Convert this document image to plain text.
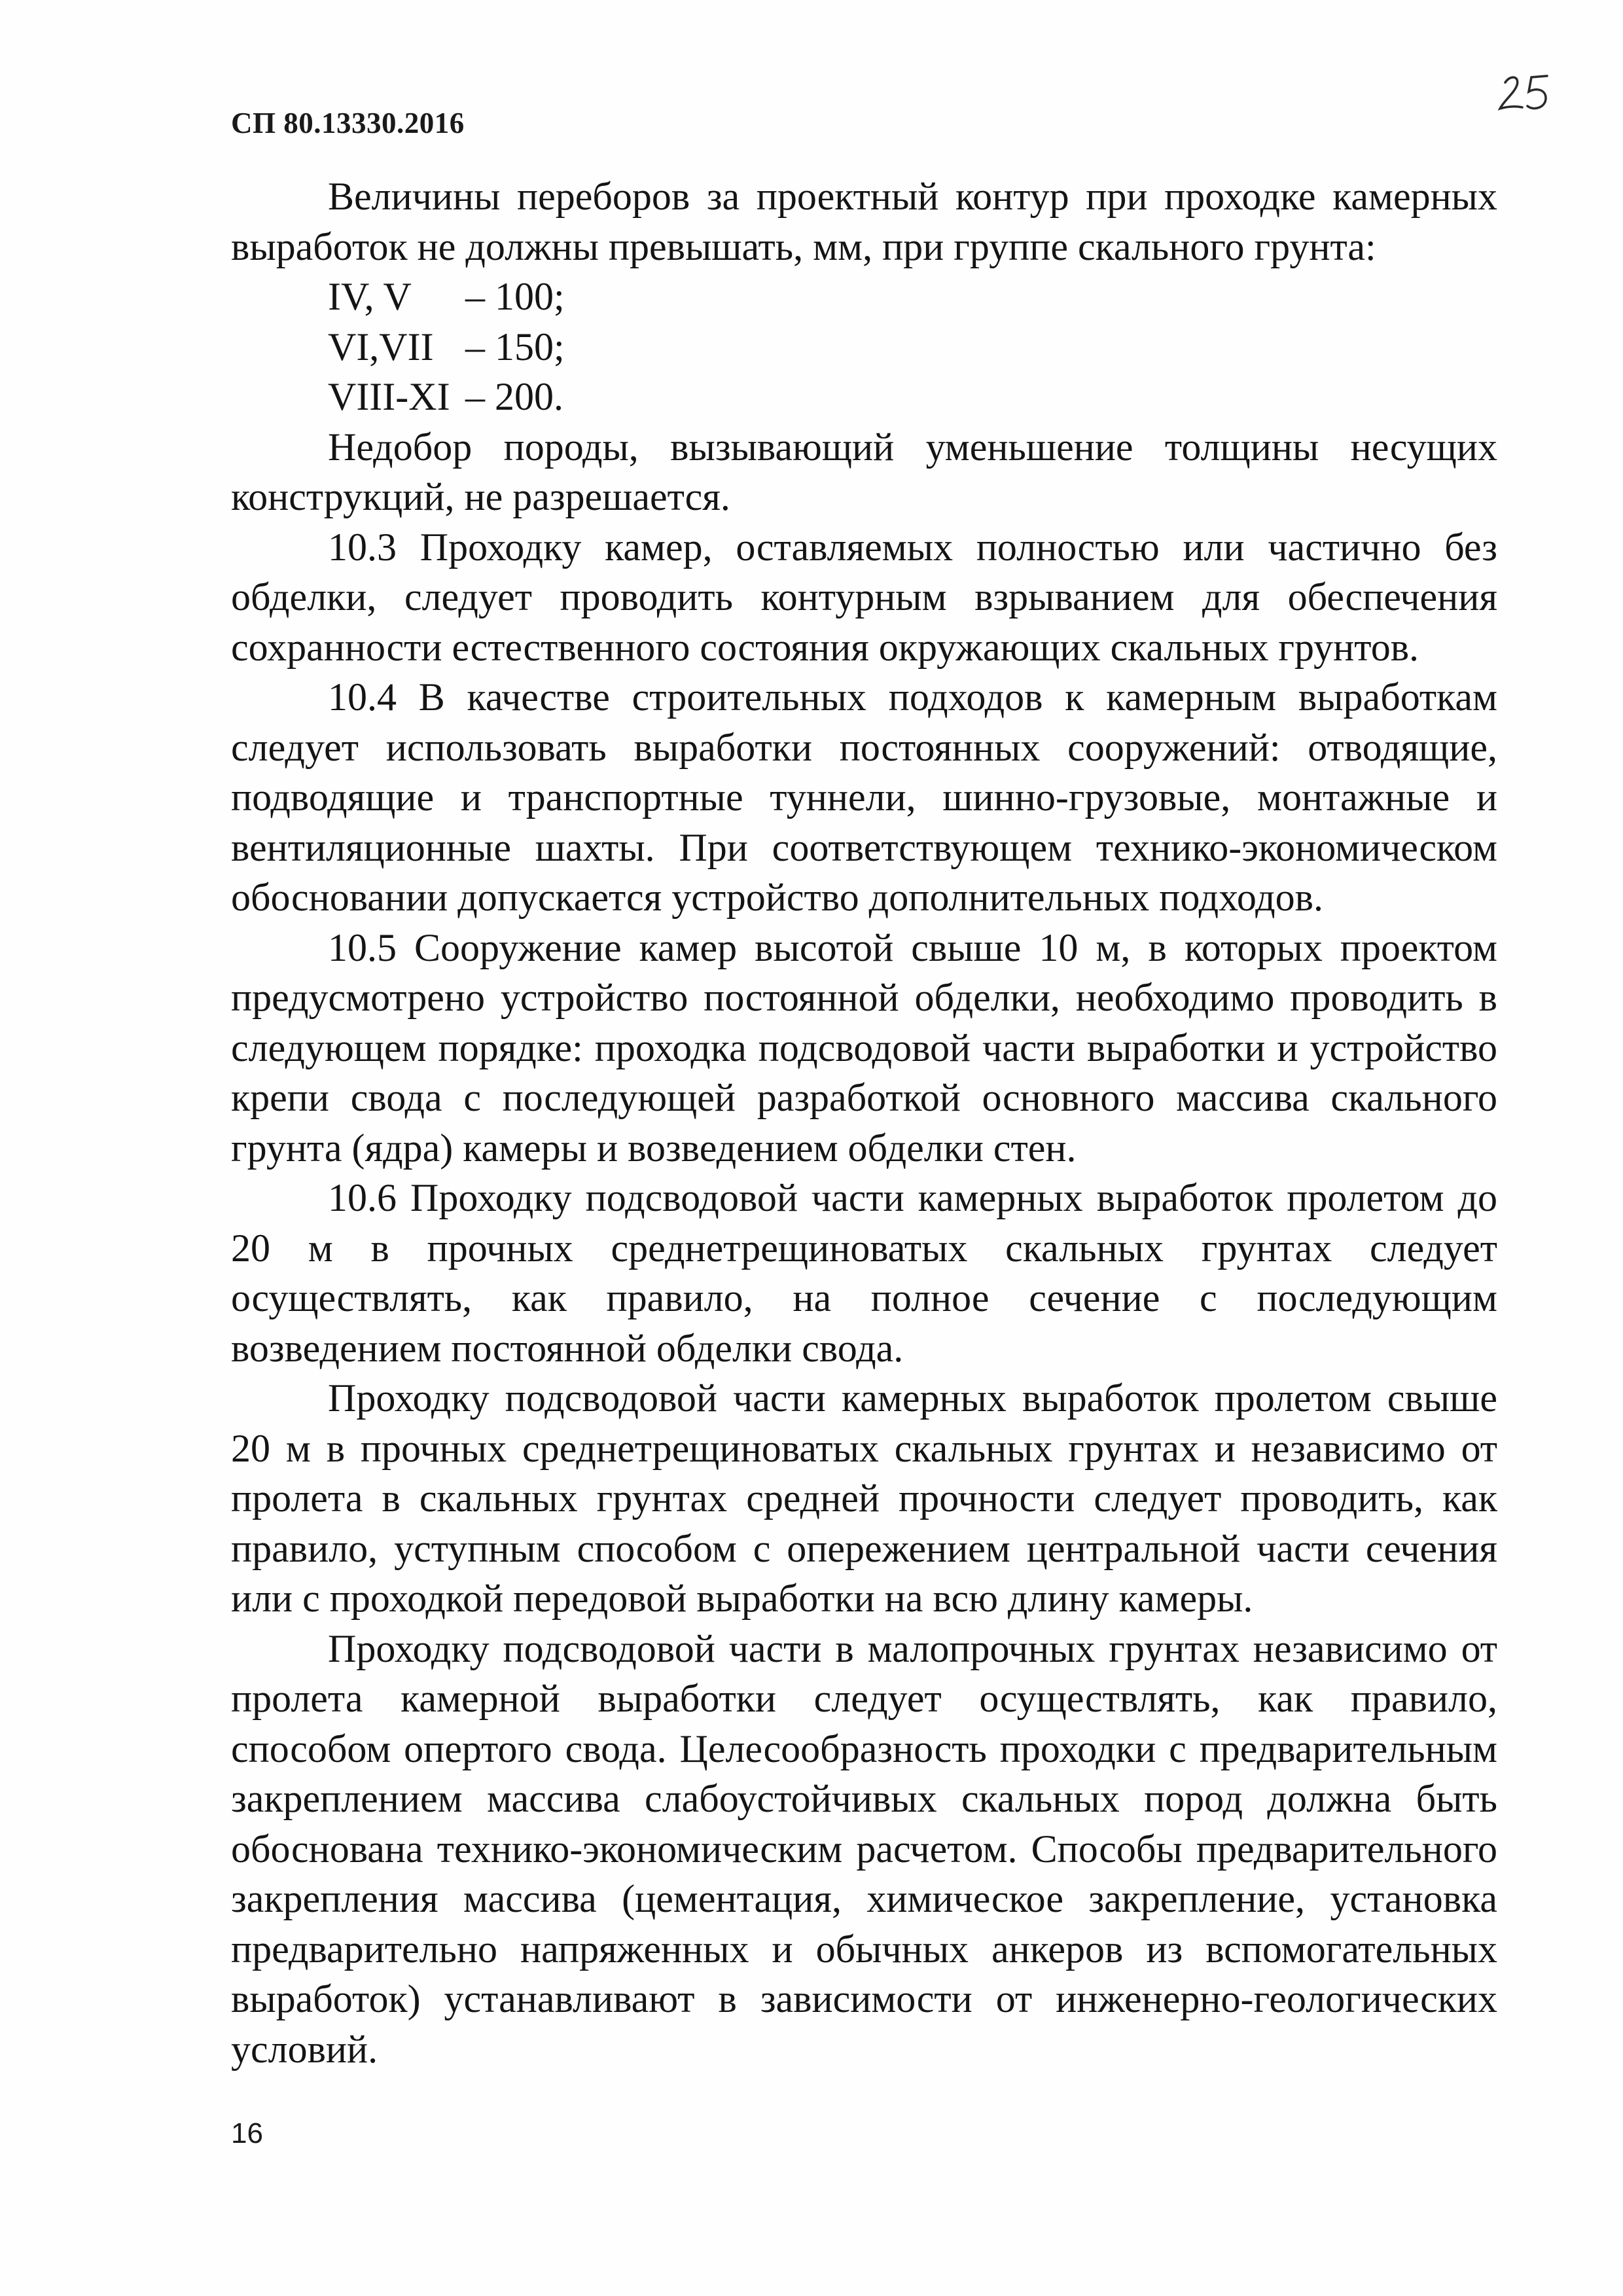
СП 80.13330.2016

Величины переборов за проектный контур при проходке камерных выработок не должны превышать, мм, при группе скального грунта:

IV, V	– 100;
VI,VII – 150;
VIII-XI – 200.

Недобор породы, вызывающий уменьшение толщины несущих конструкций, не разрешается.

10.3 Проходку камер, оставляемых полностью или частично без обделки, следует проводить контурным взрыванием для обеспечения сохранности естественного состояния окружающих скальных грунтов.

10.4 В качестве строительных подходов к камерным выработкам следует использовать выработки постоянных сооружений: отводящие, подводящие и транспортные туннели, шинно-грузовые, монтажные и вентиляционные шахты. При соответствующем технико-экономическом обосновании допускается устройство дополнительных подходов.

10.5 Сооружение камер высотой свыше 10 м, в которых проектом предусмотрено устройство постоянной обделки, необходимо проводить в следующем порядке: проходка подсводовой части выработки и устройство крепи свода с последующей разработкой основного массива скального грунта (ядра) камеры и возведением обделки стен.

10.6 Проходку подсводовой части камерных выработок пролетом до 20 м в прочных среднетрещиноватых скальных грунтах следует осуществлять, как правило, на полное сечение с последующим возведением постоянной обделки свода.

Проходку подсводовой части камерных выработок пролетом свыше 20 м в прочных среднетрещиноватых скальных грунтах и независимо от пролета в скальных грунтах средней прочности следует проводить, как правило, уступным способом с опережением центральной части сечения или с проходкой передовой выработки на всю длину камеры.

Проходку подсводовой части в малопрочных грунтах независимо от пролета камерной выработки следует осуществлять, как правило, способом опертого свода. Целесообразность проходки с предварительным закреплением массива слабоустойчивых скальных пород должна быть обоснована технико-экономическим расчетом. Способы предварительного закрепления массива (цементация, химическое закрепление, установка предварительно напряженных и обычных анкеров из вспомогательных выработок) устанавливают в зависимости от инженерно-геологических условий.

16
